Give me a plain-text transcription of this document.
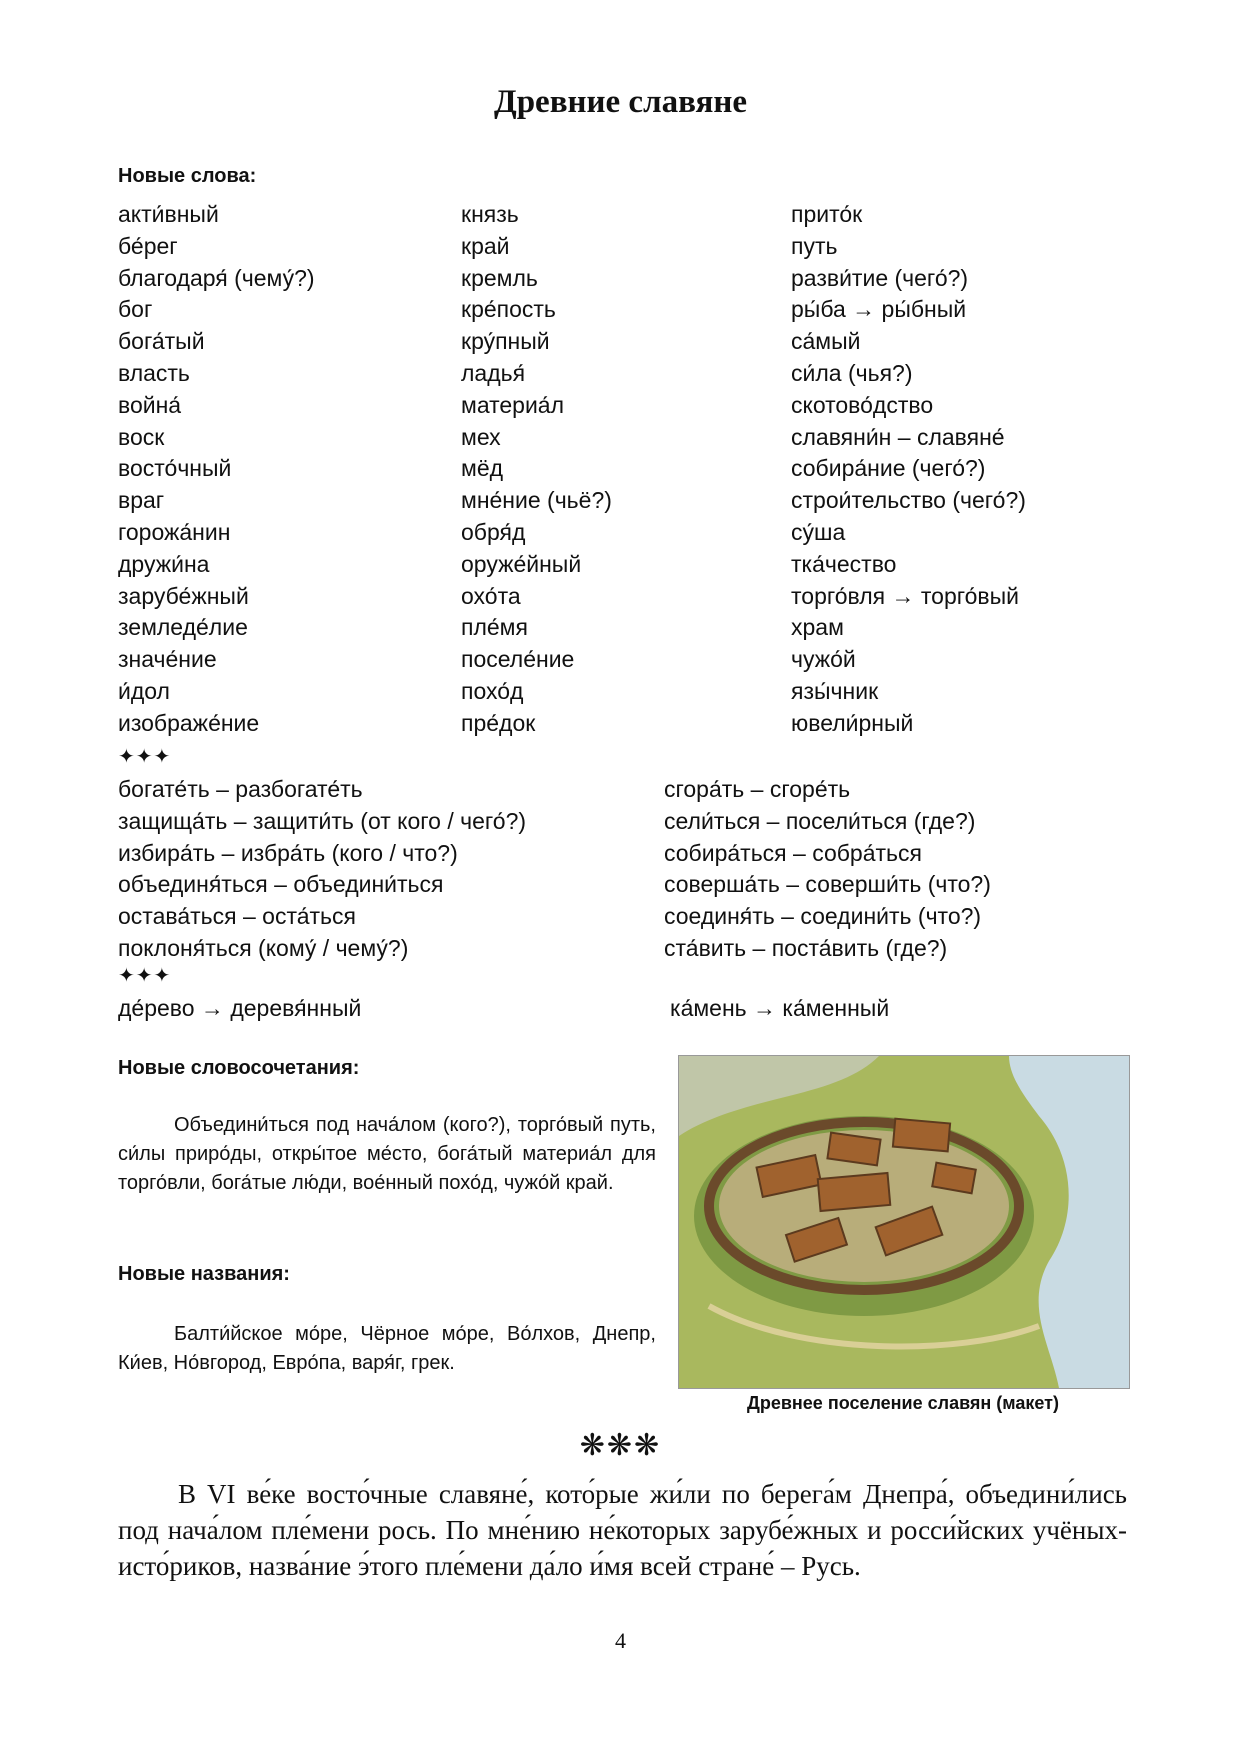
Древние славяне
Новые слова:
акти́вный
бе́рег
благодаря́ (чему́?)
бог
бога́тый
власть
война́
воск
восто́чный
враг
горожа́нин
дружи́на
зарубе́жный
земледе́лие
значе́ние
и́дол
изображе́ние
князь
край
кремль
кре́пость
кру́пный
ладья́
материа́л
мех
мёд
мне́ние (чьё?)
обря́д
оруже́йный
охо́та
пле́мя
поселе́ние
похо́д
пре́док
прито́к
путь
разви́тие (чего́?)
ры́ба → ры́бный
са́мый
си́ла (чья?)
скотово́дство
славяни́н – славяне́
собира́ние (чего́?)
строи́тельство (чего́?)
су́ша
тка́чество
торго́вля → торго́вый
храм
чужо́й
язы́чник
ювели́рный
✦✦✦
богате́ть – разбогате́ть
защища́ть – защити́ть (от кого / чего́?)
избира́ть – избра́ть (кого / что?)
объединя́ться – объедини́ться
остава́ться – оста́ться
поклоня́ться (кому́ / чему́?)
сгора́ть – сгоре́ть
сели́ться – посели́ться (где?)
собира́ться – собра́ться
соверша́ть – соверши́ть (что?)
соединя́ть – соедини́ть (что?)
ста́вить – поста́вить (где?)
✦✦✦
де́рево → деревя́нный	ка́мень → ка́менный
Новые словосочетания:
Объедини́ться под нача́лом (кого?), торго́вый путь, си́лы приро́ды, откры́тое ме́сто, бога́тый материа́л для торго́вли, бога́тые лю́ди, вое́нный похо́д, чужо́й край.
Новые названия:
Балти́йское мо́ре, Чёрное мо́ре, Во́лхов, Днепр, Ки́ев, Но́вгород, Евро́па, варя́г, грек.
Древнее поселение славян (макет)
❋❋❋
В VI ве́ке восто́чные славяне́, кото́рые жи́ли по берега́м Днепра́, объедини́лись под нача́лом пле́мени рось. По мне́нию не́которых зарубе́жных и росси́йских учёных-исто́риков, назва́ние э́того пле́мени да́ло и́мя всей стране́ – Русь.
4
